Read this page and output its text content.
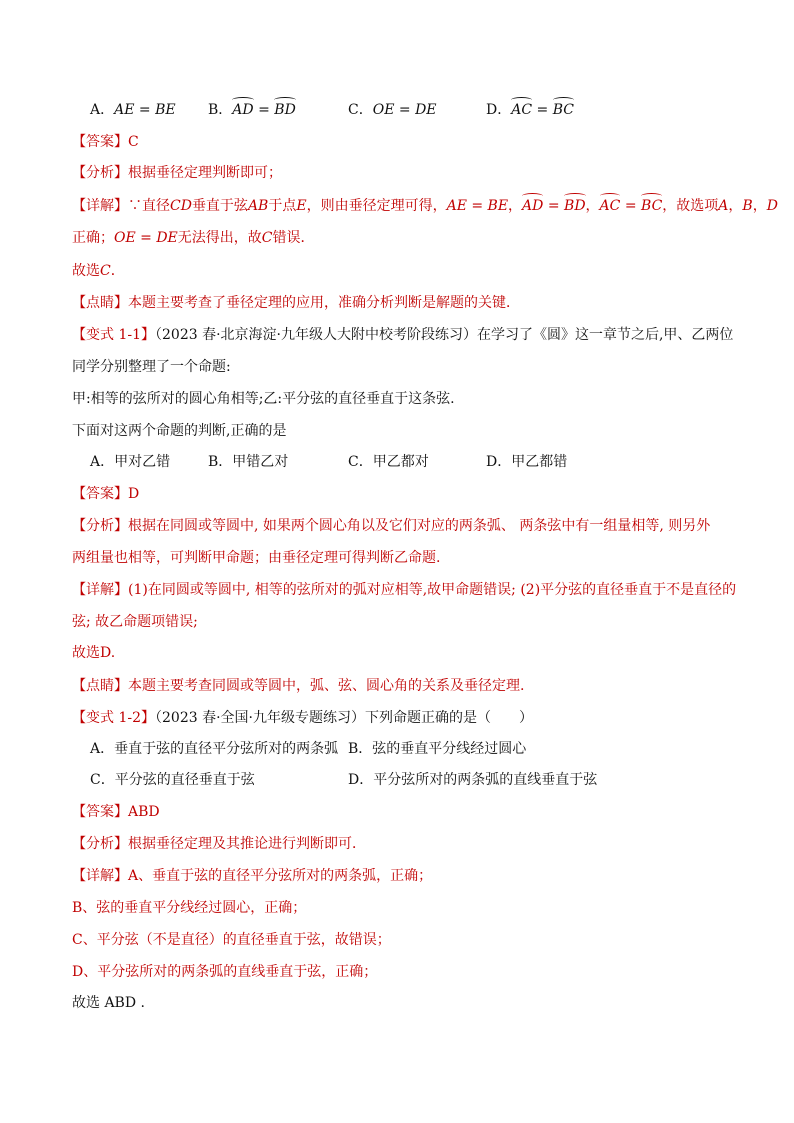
A．AE = BE B．AD = BD	C．OE = DE	D．AC = BC
【答案】C
【分析】根据垂径定理判断即可；
【详解】∵直径CD垂直于弦AB于点E，则由垂径定理可得，AE = BE，AD = BD，AC = BC，故选项A，B，D
正确；OE = DE无法得出，故C错误．
故选C．
【点睛】本题主要考查了垂径定理的应用，准确分析判断是解题的关键．
【变式 1-1】（2023 春·北京海淀·九年级人大附中校考阶段练习）在学习了《圆》这一章节之后,甲、乙两位
同学分别整理了一个命题:
甲:相等的弦所对的圆心角相等;乙:平分弦的直径垂直于这条弦.
下面对这两个命题的判断,正确的是
A．甲对乙错	B．甲错乙对	C．甲乙都对	D．甲乙都错
【答案】D
【分析】根据在同圆或等圆中, 如果两个圆心角以及它们对应的两条弧、 两条弦中有一组量相等, 则另外
两组量也相等，可判断甲命题；由垂径定理可得判断乙命题.
【详解】(1)在同圆或等圆中, 相等的弦所对的弧对应相等,故甲命题错误; (2)平分弦的直径垂直于不是直径的
弦; 故乙命题项错误;
故选D.
【点睛】本题主要考查同圆或等圆中，弧、弦、圆心角的关系及垂径定理.
【变式 1-2】（2023 春·全国·九年级专题练习）下列命题正确的是（　　）
A．垂直于弦的直径平分弦所对的两条弧 B．弦的垂直平分线经过圆心
C．平分弦的直径垂直于弦	D．平分弦所对的两条弧的直线垂直于弦
【答案】ABD
【分析】根据垂径定理及其推论进行判断即可．
【详解】A、垂直于弦的直径平分弦所对的两条弧，正确；
B、弦的垂直平分线经过圆心，正确；
C、平分弦（不是直径）的直径垂直于弦，故错误；
D、平分弦所对的两条弧的直线垂直于弦，正确；
故选 ABD .
